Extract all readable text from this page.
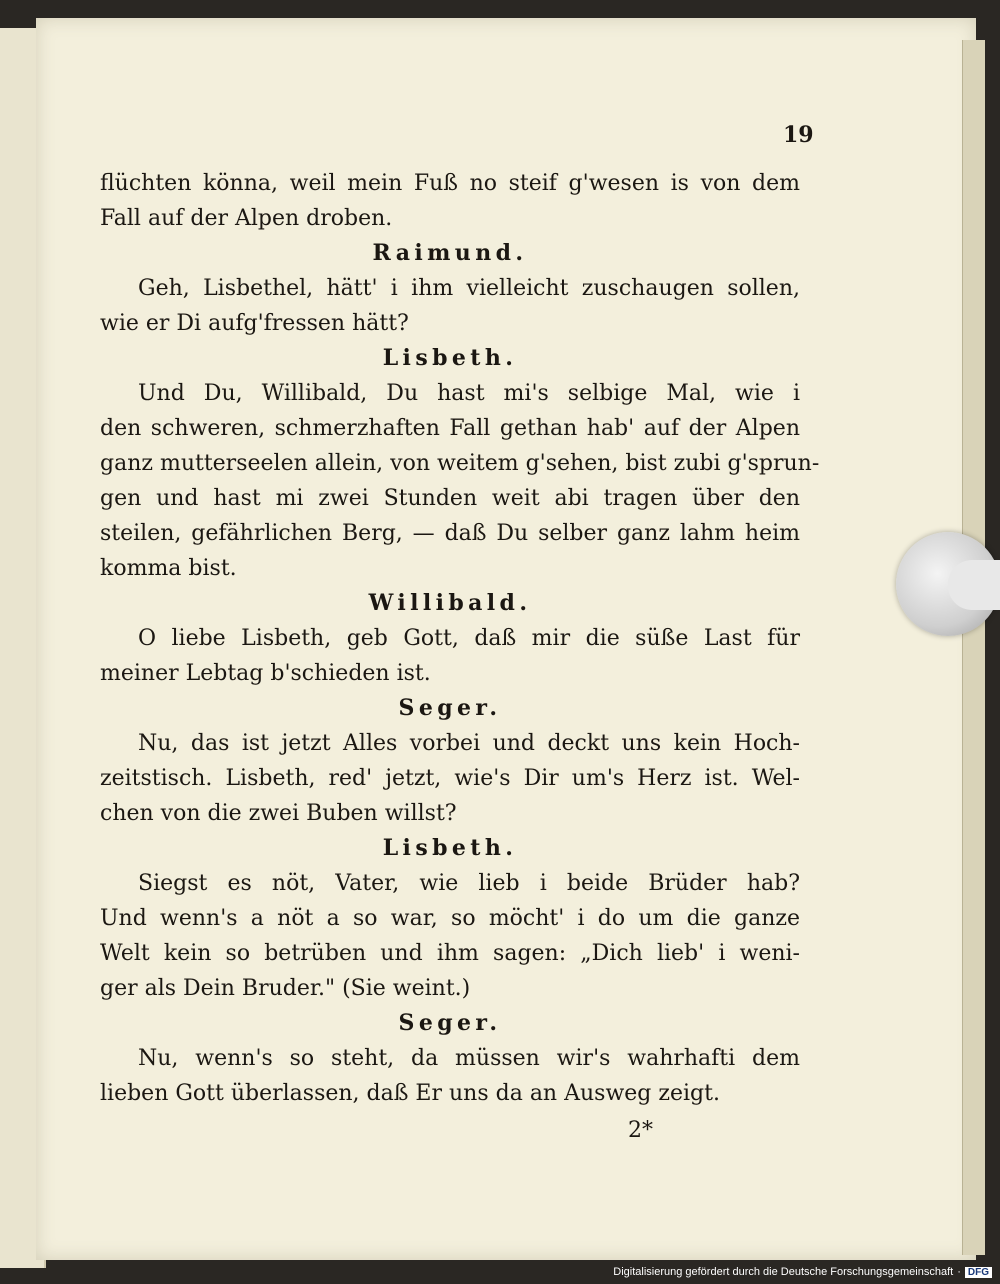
19
flüchten könna, weil mein Fuß no steif g'wesen is von dem
Fall auf der Alpen droben.
Raimund.
Geh, Lisbethel, hätt' i ihm vielleicht zuschaugen sollen,
wie er Di aufg'fressen hätt?
Lisbeth.
Und Du, Willibald, Du hast mi's selbige Mal, wie i
den schweren, schmerzhaften Fall gethan hab' auf der Alpen
ganz mutterseelen allein, von weitem g'sehen, bist zubi g'sprun-
gen und hast mi zwei Stunden weit abi tragen über den
steilen, gefährlichen Berg, — daß Du selber ganz lahm heim
komma bist.
Willibald.
O liebe Lisbeth, geb Gott, daß mir die süße Last für
meiner Lebtag b'schieden ist.
Seger.
Nu, das ist jetzt Alles vorbei und deckt uns kein Hoch-
zeitstisch. Lisbeth, red' jetzt, wie's Dir um's Herz ist. Wel-
chen von die zwei Buben willst?
Lisbeth.
Siegst es nöt, Vater, wie lieb i beide Brüder hab?
Und wenn's a nöt a so war, so möcht' i do um die ganze
Welt kein so betrüben und ihm sagen: „Dich lieb' i weni-
ger als Dein Bruder." (Sie weint.)
Seger.
Nu, wenn's so steht, da müssen wir's wahrhafti dem
lieben Gott überlassen, daß Er uns da an Ausweg zeigt.
2*
Digitalisierung gefördert durch die Deutsche Forschungsgemeinschaft · DFG
